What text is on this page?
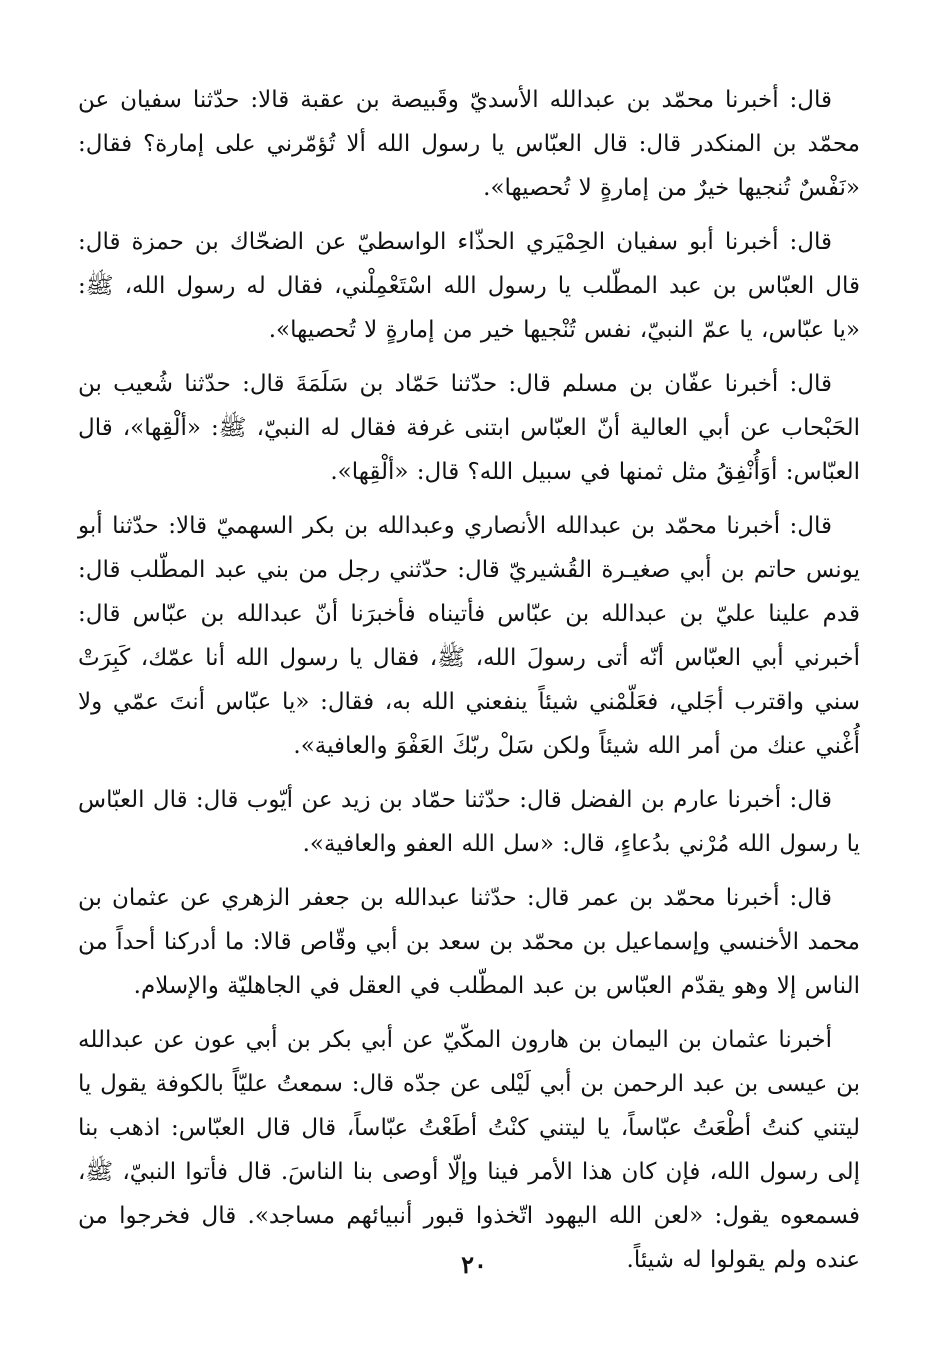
قال: أخبرنا محمّد بن عبدالله الأسديّ وقَبيصة بن عقبة قالا: حدّثنا سفيان عن محمّد بن المنكدر قال: قال العبّاس يا رسول الله ألا تُؤمّرني على إمارة؟ فقال: «نَفْسٌ تُنجيها خيرٌ من إمارةٍ لا تُحصيها».

قال: أخبرنا أبو سفيان الحِمْيَري الحذّاء الواسطيّ عن الضحّاك بن حمزة قال: قال العبّاس بن عبد المطّلب يا رسول الله اسْتَعْمِلْني، فقال له رسول الله، ﷺ: «يا عبّاس، يا عمّ النبيّ، نفس تُنْجيها خير من إمارةٍ لا تُحصيها».

قال: أخبرنا عفّان بن مسلم قال: حدّثنا حَمّاد بن سَلَمَةَ قال: حدّثنا شُعيب بن الحَبْحاب عن أبي العالية أنّ العبّاس ابتنى غرفة فقال له النبيّ، ﷺ: «ألْقِها»، قال العبّاس: أوَأُنْفِقُ مثل ثمنها في سبيل الله؟ قال: «ألْقِها».

قال: أخبرنا محمّد بن عبدالله الأنصاري وعبدالله بن بكر السهميّ قالا: حدّثنا أبو يونس حاتم بن أبي صغيـرة القُشيريّ قال: حدّثني رجل من بني عبد المطّلب قال: قدم علينا عليّ بن عبدالله بن عبّاس فأتيناه فأخبرَنا أنّ عبدالله بن عبّاس قال: أخبرني أبي العبّاس أنّه أتى رسولَ الله، ﷺ، فقال يا رسول الله أنا عمّك، كَبِرَتْ سني واقترب أجَلي، فعَلّمْني شيئاً ينفعني الله به، فقال: «يا عبّاس أنتَ عمّي ولا أُغْني عنك من أمر الله شيئاً ولكن سَلْ ربّكَ العَفْوَ والعافية».

قال: أخبرنا عارم بن الفضل قال: حدّثنا حمّاد بن زيد عن أيّوب قال: قال العبّاس يا رسول الله مُرْني بدُعاءٍ، قال: «سل الله العفو والعافية».

قال: أخبرنا محمّد بن عمر قال: حدّثنا عبدالله بن جعفر الزهري عن عثمان بن محمد الأخنسي وإسماعيل بن محمّد بن سعد بن أبي وقّاص قالا: ما أدركنا أحداً من الناس إلا وهو يقدّم العبّاس بن عبد المطّلب في العقل في الجاهليّة والإسلام.

أخبرنا عثمان بن اليمان بن هارون المكّيّ عن أبي بكر بن أبي عون عن عبدالله بن عيسى بن عبد الرحمن بن أبي لَيْلى عن جدّه قال: سمعتُ عليّاً بالكوفة يقول يا ليتني كنتُ أطْعَتُ عبّاساً، يا ليتني كنْتُ أطَعْتُ عبّاساً، قال قال العبّاس: اذهب بنا إلى رسول الله، فإن كان هذا الأمر فينا وإلّا أوصى بنا الناسَ. قال فأتوا النبيّ، ﷺ، فسمعوه يقول: «لعن الله اليهود اتّخذوا قبور أنبيائهم مساجد». قال فخرجوا من عنده ولم يقولوا له شيئاً.

٢٠
